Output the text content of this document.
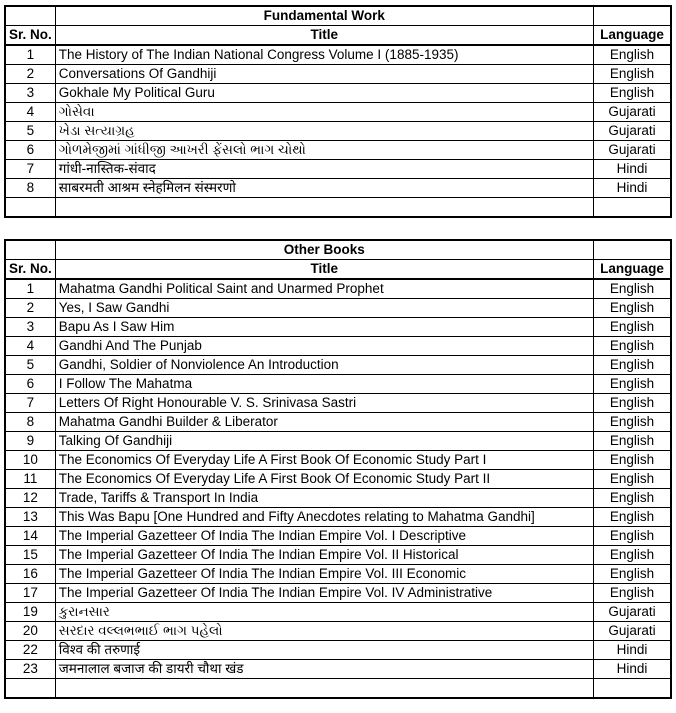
	Fundamental Work	
Sr. No.	Title	Language
1	The History of The Indian National Congress Volume I (1885-1935)	English
2	Conversations Of Gandhiji	English
3	Gokhale My Political Guru	English
4	ગોસેવા	Gujarati
5	ખેડા સત્યાગ્રહ	Gujarati
6	ગોળમેજીમાં ગાંધીજી આખરી ફેંસલો ભાગ ચોથો	Gujarati
7	गांधी-नास्तिक-संवाद	Hindi
8	साबरमती आश्रम स्नेहमिलन संस्मरणो	Hindi

	Other Books	
Sr. No.	Title	Language
1	Mahatma Gandhi Political Saint and Unarmed Prophet	English
2	Yes, I Saw Gandhi	English
3	Bapu As I Saw Him	English
4	Gandhi And The Punjab	English
5	Gandhi, Soldier of Nonviolence An Introduction	English
6	I Follow The Mahatma	English
7	Letters Of Right Honourable V. S. Srinivasa Sastri	English
8	Mahatma Gandhi Builder & Liberator	English
9	Talking Of Gandhiji	English
10	The Economics Of Everyday Life A First Book Of Economic Study Part I	English
11	The Economics Of Everyday Life A First Book Of Economic Study Part II	English
12	Trade, Tariffs & Transport In India	English
13	This Was Bapu [One Hundred and Fifty Anecdotes relating to Mahatma Gandhi]	English
14	The Imperial Gazetteer Of India The Indian Empire Vol. I Descriptive	English
15	The Imperial Gazetteer Of India The Indian Empire Vol. II Historical	English
16	The Imperial Gazetteer Of India The Indian Empire Vol. III Economic	English
17	The Imperial Gazetteer Of India The Indian Empire Vol. IV Administrative	English
19	કુરાનસાર	Gujarati
20	સરદાર વલ્લભભાઈ ભાગ પહેલો	Gujarati
22	विश्व की तरुणाई	Hindi
23	जमनालाल बजाज की डायरी चौथा खंड	Hindi
